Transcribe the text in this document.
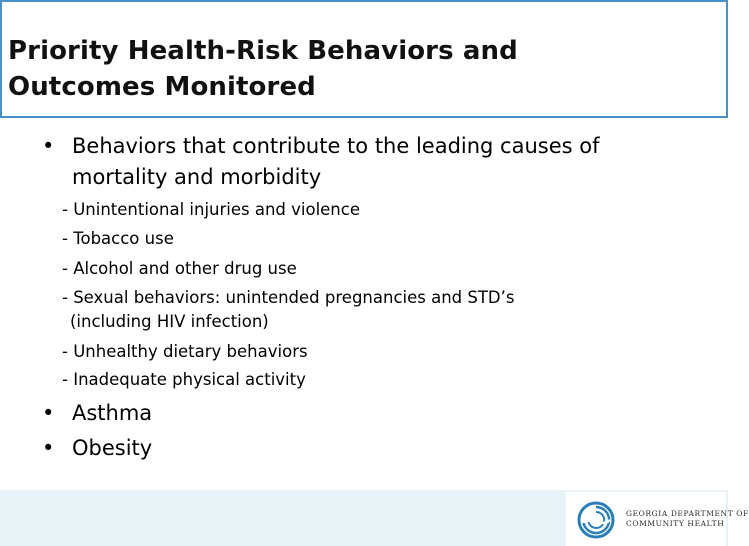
Priority Health-Risk Behaviors and
Outcomes Monitored
• Behaviors that contribute to the leading causes of
mortality and morbidity
- Unintentional injuries and violence
- Tobacco use
- Alcohol and other drug use
- Sexual behaviors: unintended pregnancies and STD’s
(including HIV infection)
- Unhealthy dietary behaviors
- Inadequate physical activity
• Asthma
• Obesity
GEORGIA DEPARTMENT OF
COMMUNITY HEALTH
